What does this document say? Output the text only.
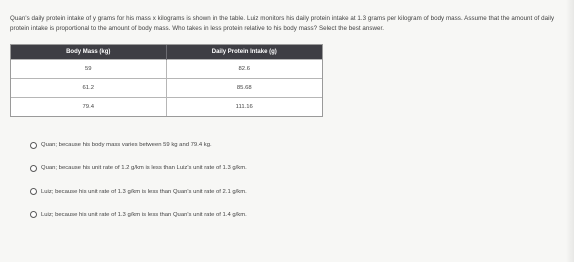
Quan's daily protein intake of y grams for his mass x kilograms is shown in the table. Luiz monitors his daily protein intake at 1.3 grams per kilogram of body mass. Assume that the amount of daily protein intake is proportional to the amount of body mass. Who takes in less protein relative to his body mass? Select the best answer.

Body Mass (kg)	Daily Protein Intake (g)
59	82.6
61.2	85.68
79.4	111.16
Quan; because his body mass varies between 59 kg and 79.4 kg.
Quan; because his unit rate of 1.2 g/km is less than Luiz's unit rate of 1.3 g/km.
Luiz; because his unit rate of 1.3 g/km is less than Quan's unit rate of 2.1 g/km.
Luiz; because his unit rate of 1.3 g/km is less than Quan's unit rate of 1.4 g/km.
